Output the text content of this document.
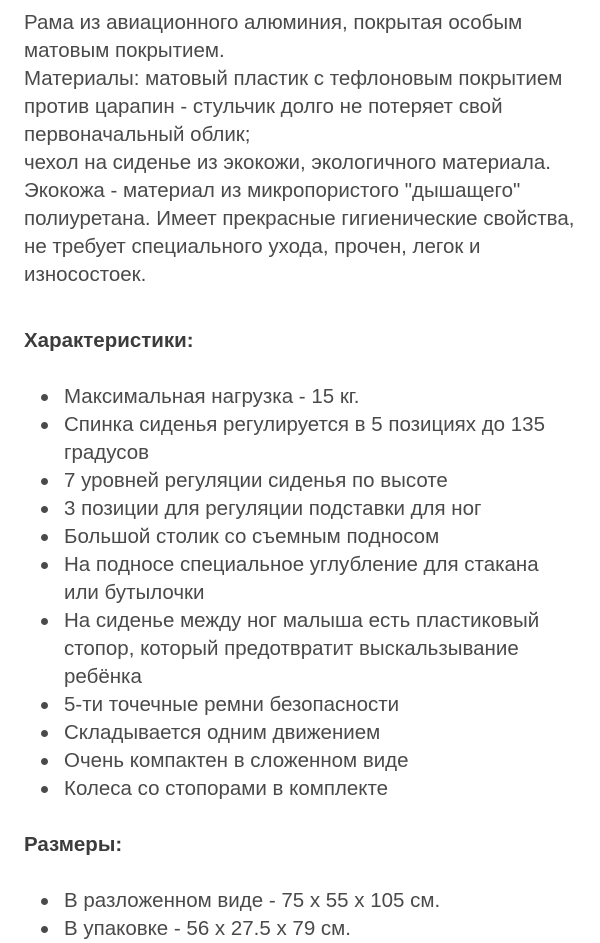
Рама из авиационного алюминия, покрытая особым матовым покрытием.

Материалы: матовый пластик с тефлоновым покрытием против царапин - стульчик долго не потеряет свой первоначальный облик;

чехол на сиденье из экокожи, экологичного материала. Экокожа - материал из микропористого "дышащего" полиуретана. Имеет прекрасные гигиенические свойства, не требует специального ухода, прочен, легок и износостоек.

Характеристики:
Максимальная нагрузка - 15 кг.
Спинка сиденья регулируется в 5 позициях до 135 градусов
7 уровней регуляции сиденья по высоте
3 позиции для регуляции подставки для ног
Большой столик со съемным подносом
На подносе специальное углубление для стакана или бутылочки
На сиденье между ног малыша есть пластиковый стопор, который предотвратит выскальзывание ребёнка
5-ти точечные ремни безопасности
Складывается одним движением
Очень компактен в сложенном виде
Колеса со стопорами в комплекте
Размеры:
В разложенном виде - 75 х 55 х 105 см.
В упаковке - 56 х 27.5 х 79 см.
